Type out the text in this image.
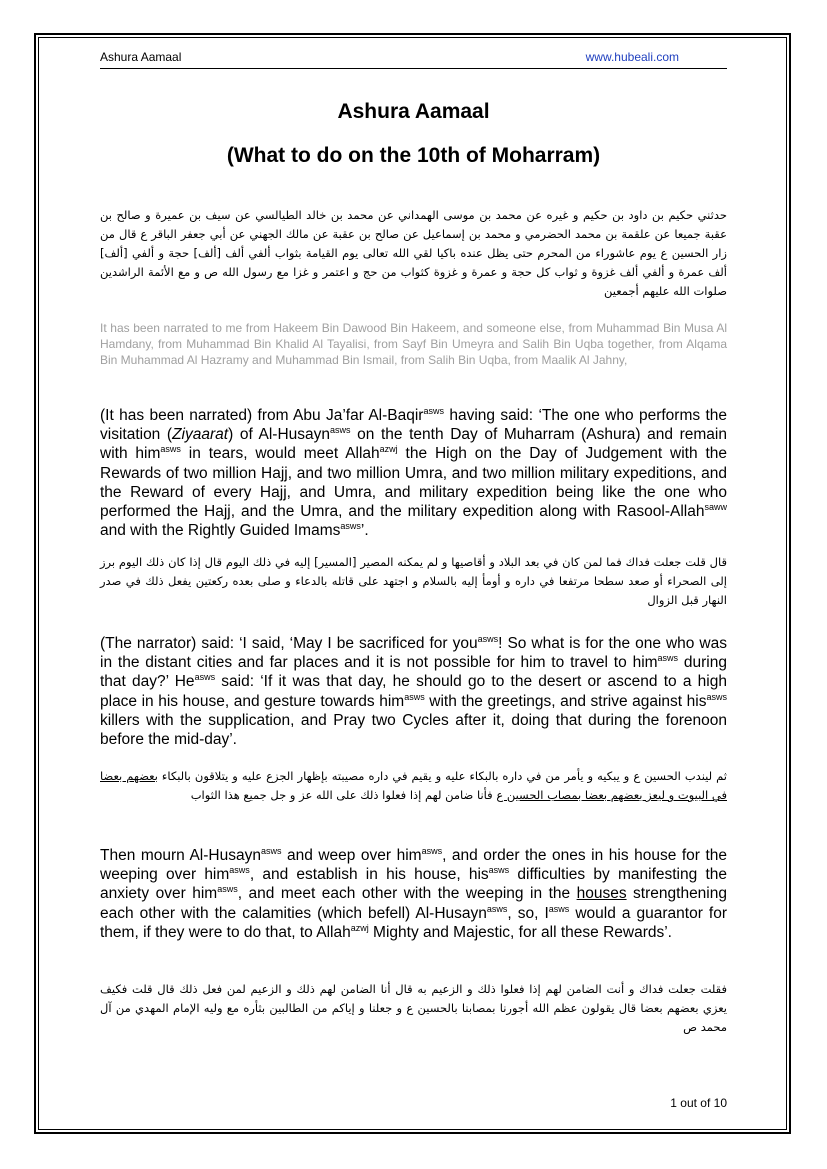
Ashura Aamaal	www.hubeali.com
Ashura Aamaal
(What to do on the 10th of Moharram)
حدثني حكيم بن داود بن حكيم و غيره عن محمد بن موسى الهمداني عن محمد بن خالد الطيالسي عن سيف بن عميرة و صالح بن عقبة جميعا عن علقمة بن محمد الحضرمي و محمد بن إسماعيل عن صالح بن عقبة عن مالك الجهني عن أبي جعفر الباقر ع قال من زار الحسين ع يوم عاشوراء من المحرم حتى يظل عنده باكيا لقي الله تعالى يوم القيامة بثواب ألفي ألف [ألف] حجة و ألفي [ألف] ألف عمرة و ألفي ألف غزوة و ثواب كل حجة و عمرة و غزوة كثواب من حج و اعتمر و غزا مع رسول الله ص و مع الأئمة الراشدين صلوات الله عليهم أجمعين
It has been narrated to me from Hakeem Bin Dawood Bin Hakeem, and someone else, from Muhammad Bin Musa Al Hamdany, from Muhammad Bin Khalid Al Tayalisi, from Sayf Bin Umeyra and Salih Bin Uqba together, from Alqama Bin Muhammad Al Hazramy and Muhammad Bin Ismail, from Salih Bin Uqba, from Maalik Al Jahny,
(It has been narrated) from Abu Ja’far Al-Baqir$^{asws}$ having said: ‘The one who performs the visitation (Ziyaarat) of Al-Husayn$^{asws}$ on the tenth Day of Muharram (Ashura) and remain with him$^{asws}$ in tears, would meet Allah$^{azwj}$ the High on the Day of Judgement with the Rewards of two million Hajj, and two million Umra, and two million military expeditions, and the Reward of every Hajj, and Umra, and military expedition being like the one who performed the Hajj, and the Umra, and the military expedition along with Rasool-Allah$^{saww}$ and with the Rightly Guided Imams$^{asws}$’.
قال قلت جعلت فداك فما لمن كان في بعد البلاد و أقاصيها و لم يمكنه المصير [المسير] إليه في ذلك اليوم قال إذا كان ذلك اليوم برز إلى الصحراء أو صعد سطحا مرتفعا في داره و أومأ إليه بالسلام و اجتهد على قاتله بالدعاء و صلى بعده ركعتين يفعل ذلك في صدر النهار قبل الزوال
(The narrator) said: ‘I said, ‘May I be sacrificed for you$^{asws}$! So what is for the one who was in the distant cities and far places and it is not possible for him to travel to him$^{asws}$ during that day?’ $He^{asws}$ said: ‘If it was that day, he should go to the desert or ascend to a high place in his house, and gesture towards him$^{asws}$ with the greetings, and strive against his$^{asws}$ killers with the supplication, and Pray two Cycles after it, doing that during the forenoon before the mid-day’.
ثم ليندب الحسين ع و يبكيه و يأمر من في داره بالبكاء عليه و يقيم في داره مصيبته بإظهار الجزع عليه و يتلاقون بالبكاء بعضهم بعضا في البيوت و ليعز بعضهم بعضا بمصاب الحسين ع فأنا ضامن لهم إذا فعلوا ذلك على الله عز و جل جميع هذا الثواب
Then mourn Al-Husayn$^{asws}$ and weep over him$^{asws}$, and order the ones in his house for the weeping over him$^{asws}$, and establish in his house, his$^{asws}$ difficulties by manifesting the anxiety over him$^{asws}$, and meet each other with the weeping in the houses strengthening each other with the calamities (which befell) Al-Husayn$^{asws}$, so, $I^{asws}$ would a guarantor for them, if they were to do that, to Allah$^{azwj}$ Mighty and Majestic, for all these Rewards’.
فقلت جعلت فداك و أنت الضامن لهم إذا فعلوا ذلك و الزعيم به قال أنا الضامن لهم ذلك و الزعيم لمن فعل ذلك قال قلت فكيف يعزي بعضهم بعضا قال يقولون عظم الله أجورنا بمصابنا بالحسين ع و جعلنا و إياكم من الطالبين بثأره مع وليه الإمام المهدي من آل محمد ص
1 out of 10
